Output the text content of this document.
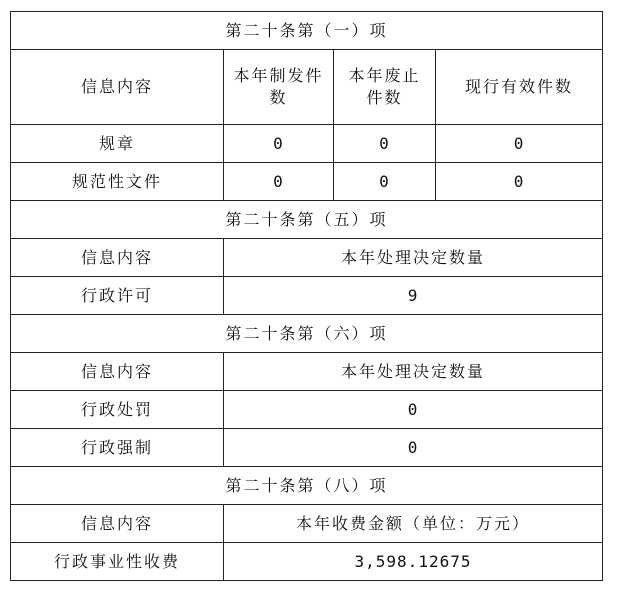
第二十条第（一）项			
信息内容	本年制发件数	本年废止件数	现行有效件数
规章	0	0	0
规范性文件	0	0	0
第二十条第（五）项			
信息内容	本年处理决定数量		
行政许可	9		
第二十条第（六）项			
信息内容	本年处理决定数量		
行政处罚	0		
行政强制	0		
第二十条第（八）项			
信息内容	本年收费金额（单位：万元）		
行政事业性收费	3,598.12675		
